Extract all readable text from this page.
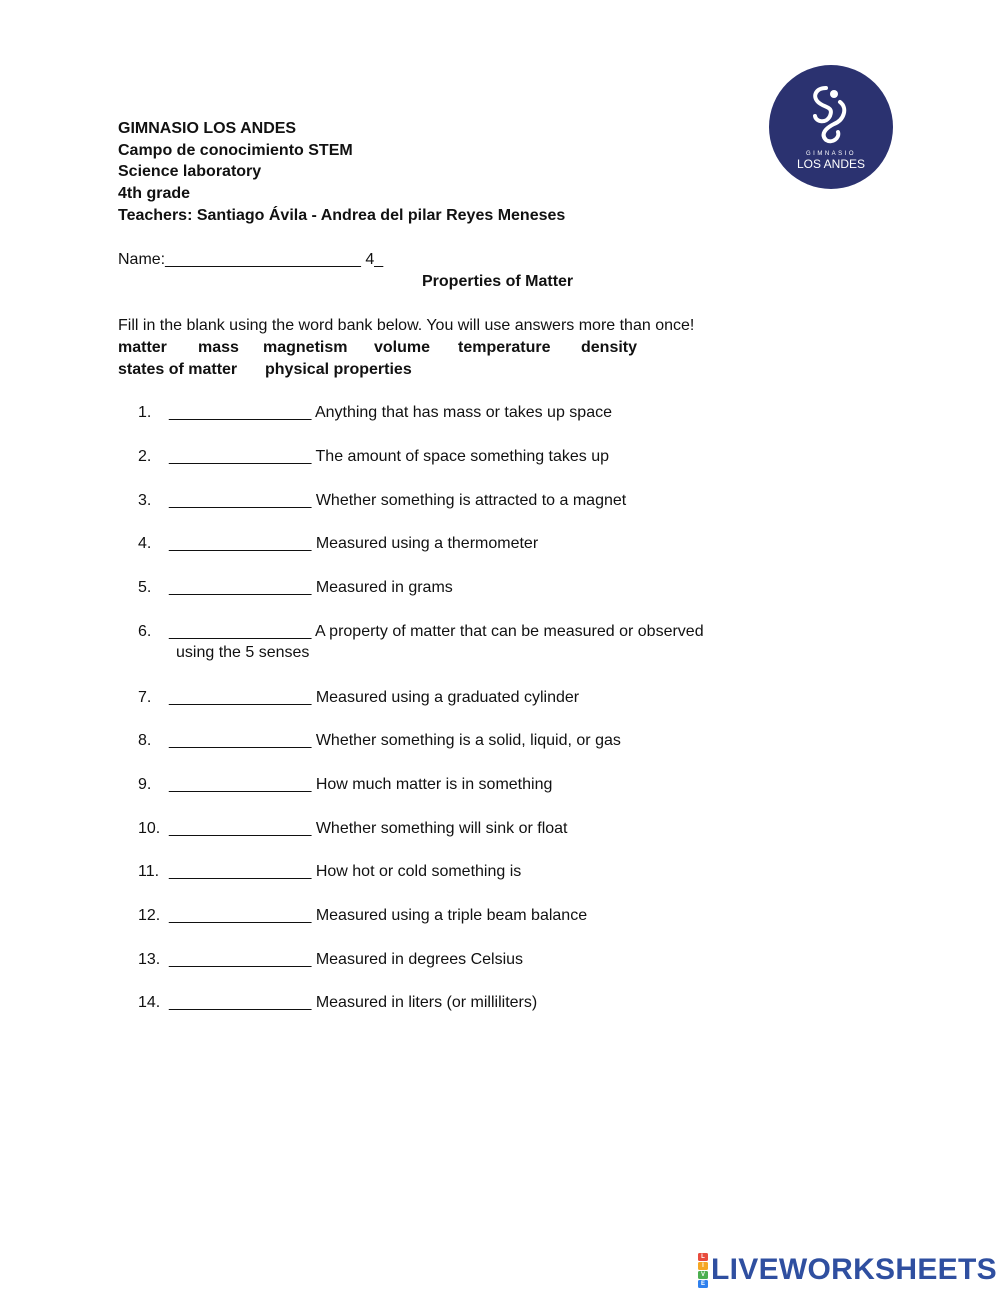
GIMNASIO LOS ANDES
Campo de conocimiento STEM
Science laboratory
4th grade
Teachers: Santiago Ávila - Andrea del pilar Reyes Meneses
GIMNASIO
LOS ANDES
Name:______________________ 4_
Properties of Matter
Fill in the blank using the word bank below. You will use answers more than once!
matter mass magnetism volume temperature density
states of matter physical properties
1. ________________ Anything that has mass or takes up space
2. ________________ The amount of space something takes up
3. ________________ Whether something is attracted to a magnet
4. ________________ Measured using a thermometer
5. ________________ Measured in grams
6. ________________ A property of matter that can be measured or observed
using the 5 senses
7. ________________ Measured using a graduated cylinder
8. ________________ Whether something is a solid, liquid, or gas
9. ________________ How much matter is in something
10. ________________ Whether something will sink or float
11. ________________ How hot or cold something is
12. ________________ Measured using a triple beam balance
13. ________________ Measured in degrees Celsius
14. ________________ Measured in liters (or milliliters)
L
I
V
E LIVEWORKSHEETS
